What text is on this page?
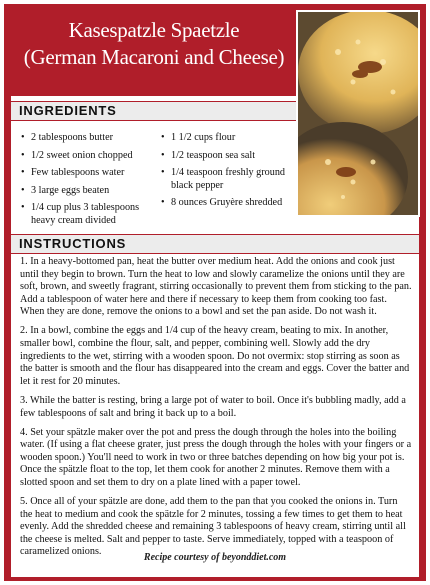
Kasespatzle Spaetzle
(German Macaroni and Cheese)
INGREDIENTS
• 2 tablespoons butter
• 1/2 sweet onion chopped
• Few tablespoons water
• 3 large eggs beaten
• 1/4 cup plus 3 tablespoons heavy cream divided
• 1 1/2 cups flour
• 1/2 teaspoon sea salt
• 1/4 teaspoon freshly ground black pepper
• 8 ounces Gruyère shredded
INSTRUCTIONS

1. In a heavy-bottomed pan, heat the butter over medium heat. Add the onions and cook just until they begin to brown. Turn the heat to low and slowly caramelize the onions until they are soft, brown, and sweetly fragrant, stirring occasionally to prevent them from sticking to the pan. Add a tablespoon of water here and there if necessary to keep them from cooking too fast. When they are done, remove the onions to a bowl and set the pan aside. Do not wash it.

2. In a bowl, combine the eggs and 1/4 cup of the heavy cream, beating to mix. In another, smaller bowl, combine the flour, salt, and pepper, combining well. Slowly add the dry ingredients to the wet, stirring with a wooden spoon. Do not overmix: stop stirring as soon as the batter is smooth and the flour has disappeared into the cream and eggs. Cover the batter and let it rest for 20 minutes.

3. While the batter is resting, bring a large pot of water to boil. Once it's bubbling madly, add a few tablespoons of salt and bring it back up to a boil.

4. Set your spätzle maker over the pot and press the dough through the holes into the boiling water. (If using a flat cheese grater, just press the dough through the holes with your fingers or a wooden spoon.) You'll need to work in two or three batches depending on how big your pot is. Once the spätzle float to the top, let them cook for another 2 minutes. Remove them with a slotted spoon and set them to dry on a plate lined with a paper towel.

5. Once all of your spätzle are done, add them to the pan that you cooked the onions in. Turn the heat to medium and cook the spätzle for 2 minutes, tossing a few times to get them to heat evenly. Add the shredded cheese and remaining 3 tablespoons of heavy cream, stirring until all the cheese is melted. Salt and pepper to taste. Serve immediately, topped with a teaspoon of caramelized onions.

Recipe courtesy of beyonddiet.com
